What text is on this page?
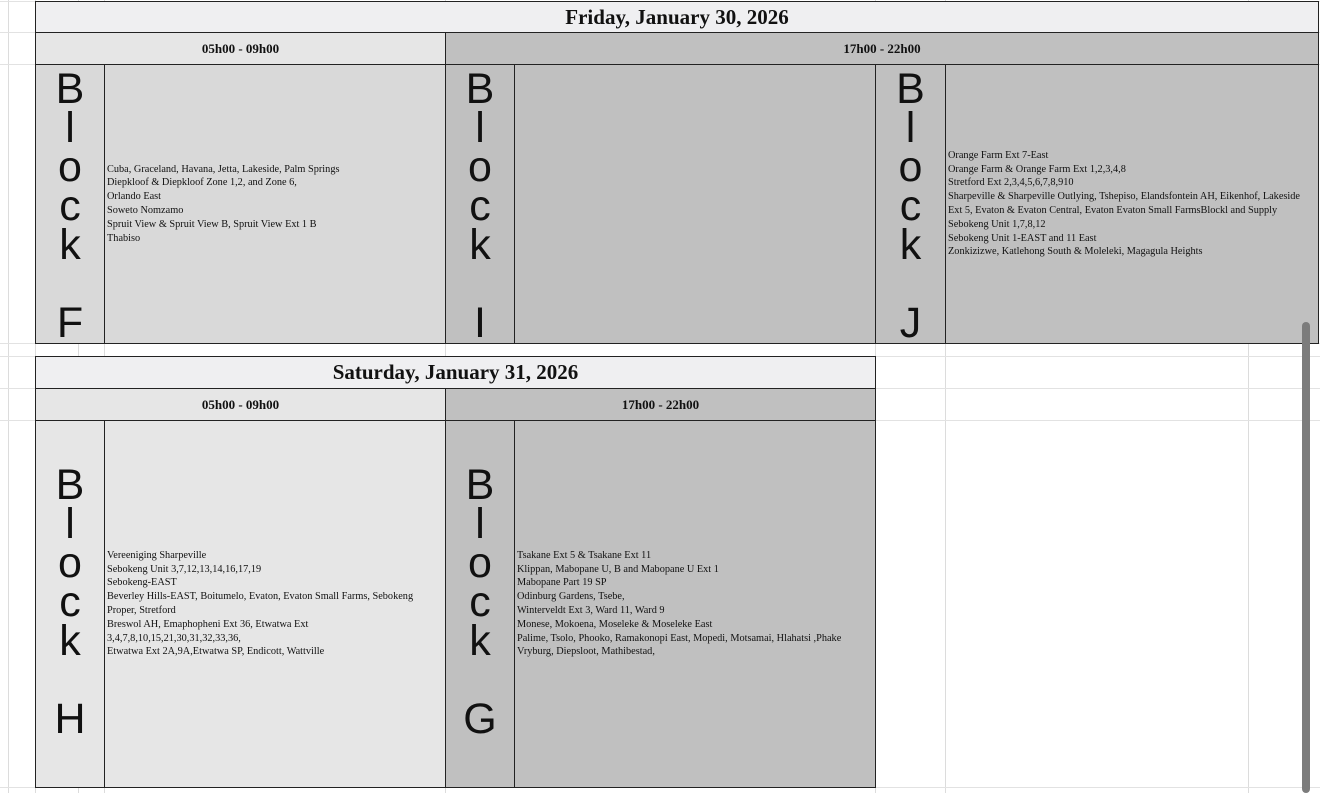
Friday, January 30, 2026
05h00 - 09h00	17h00 - 22h00
B
l
o
c
k
F
Cuba, Graceland, Havana, Jetta, Lakeside, Palm Springs
Diepkloof & Diepkloof Zone 1,2, and Zone 6,
Orlando East
Soweto Nomzamo
Spruit View & Spruit View B, Spruit View Ext 1 B
Thabiso
B
l
o
c
k
I
B
l
o
c
k
J
Orange Farm Ext 7-East
Orange Farm & Orange Farm Ext 1,2,3,4,8
Stretford Ext 2,3,4,5,6,7,8,910
Sharpeville & Sharpeville Outlying, Tshepiso, Elandsfontein AH, Eikenhof, Lakeside Ext 5, Evaton & Evaton Central, Evaton Evaton Small FarmsBlockl and Supply
Sebokeng Unit 1,7,8,12
Sebokeng Unit 1-EAST and 11 East
Zonkizizwe, Katlehong South & Moleleki, Magagula Heights
Saturday, January 31, 2026
05h00 - 09h00	17h00 - 22h00
B
l
o
c
k
H
Vereeniging Sharpeville
Sebokeng Unit 3,7,12,13,14,16,17,19
Sebokeng-EAST
Beverley Hills-EAST, Boitumelo, Evaton, Evaton Small Farms, Sebokeng Proper, Stretford
Breswol AH, Emaphopheni Ext 36, Etwatwa Ext 3,4,7,8,10,15,21,30,31,32,33,36,
Etwatwa Ext 2A,9A,Etwatwa SP, Endicott, Wattville
B
l
o
c
k
G
Tsakane Ext 5 & Tsakane Ext 11
Klippan, Mabopane U, B and Mabopane U Ext 1
Mabopane Part 19 SP
Odinburg Gardens, Tsebe,
Winterveldt Ext 3, Ward 11, Ward 9
Monese, Mokoena, Moseleke & Moseleke East
Palime, Tsolo, Phooko, Ramakonopi East, Mopedi, Motsamai, Hlahatsi ,Phake
Vryburg, Diepsloot, Mathibestad,
